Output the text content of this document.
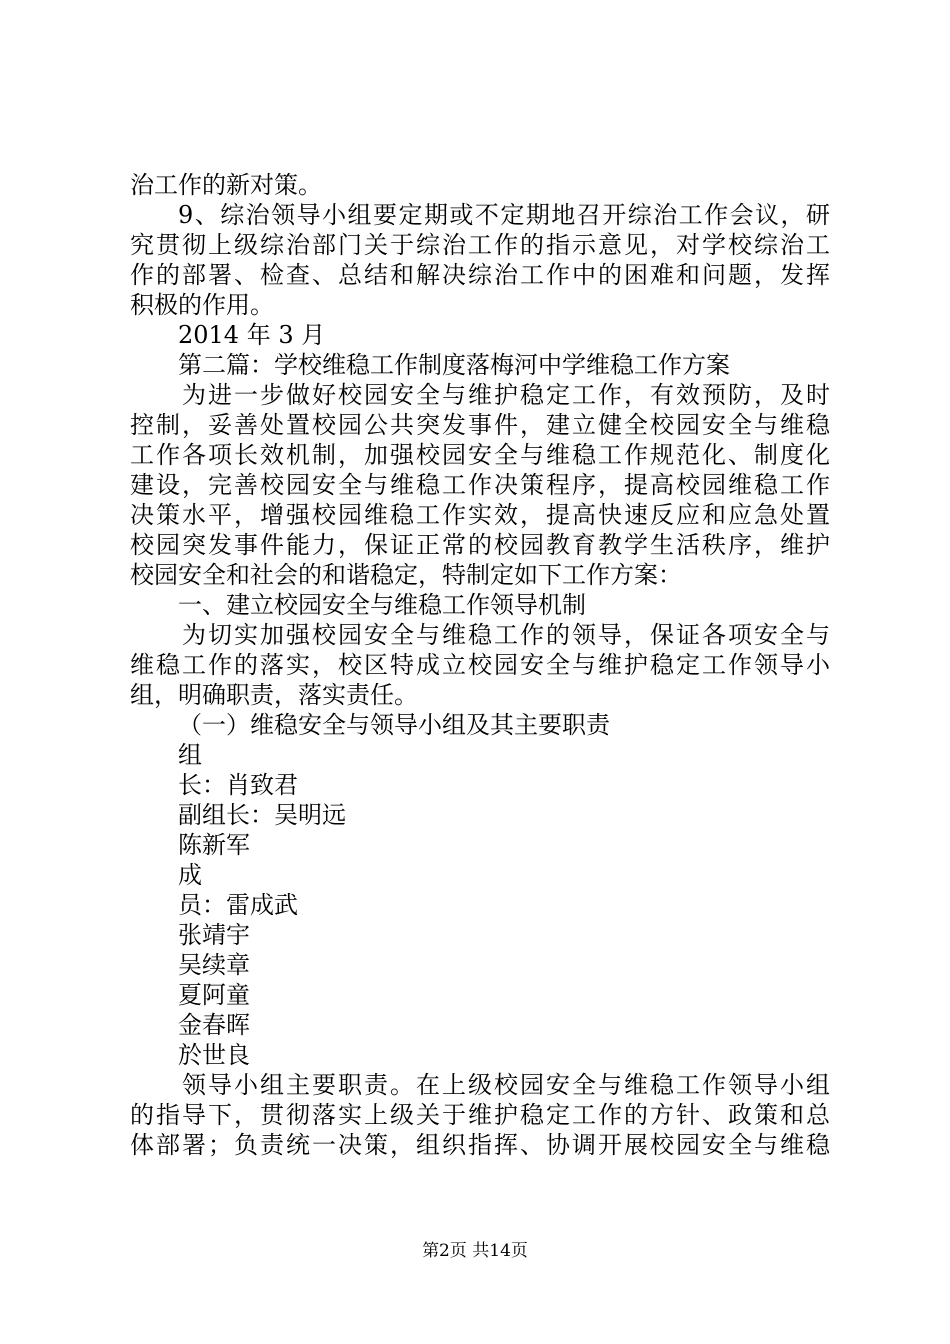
治工作的新对策。
9、综治领导小组要定期或不定期地召开综治工作会议，研
究贯彻上级综治部门关于综治工作的指示意见，对学校综治工
作的部署、检查、总结和解决综治工作中的困难和问题，发挥
积极的作用。
2014 年 3 月
第二篇：学校维稳工作制度落梅河中学维稳工作方案
为进一步做好校园安全与维护稳定工作，有效预防，及时
控制，妥善处置校园公共突发事件，建立健全校园安全与维稳
工作各项长效机制，加强校园安全与维稳工作规范化、制度化
建设，完善校园安全与维稳工作决策程序，提高校园维稳工作
决策水平，增强校园维稳工作实效，提高快速反应和应急处置
校园突发事件能力，保证正常的校园教育教学生活秩序，维护
校园安全和社会的和谐稳定，特制定如下工作方案：
一、建立校园安全与维稳工作领导机制
为切实加强校园安全与维稳工作的领导，保证各项安全与
维稳工作的落实，校区特成立校园安全与维护稳定工作领导小
组，明确职责，落实责任。
（一）维稳安全与领导小组及其主要职责
组
长：肖致君
副组长：吴明远
陈新军
成
员：雷成武
张靖宇
吴续章
夏阿童
金春晖
於世良
领导小组主要职责。在上级校园安全与维稳工作领导小组
的指导下，贯彻落实上级关于维护稳定工作的方针、政策和总
体部署；负责统一决策，组织指挥、协调开展校园安全与维稳
第2页 共14页
